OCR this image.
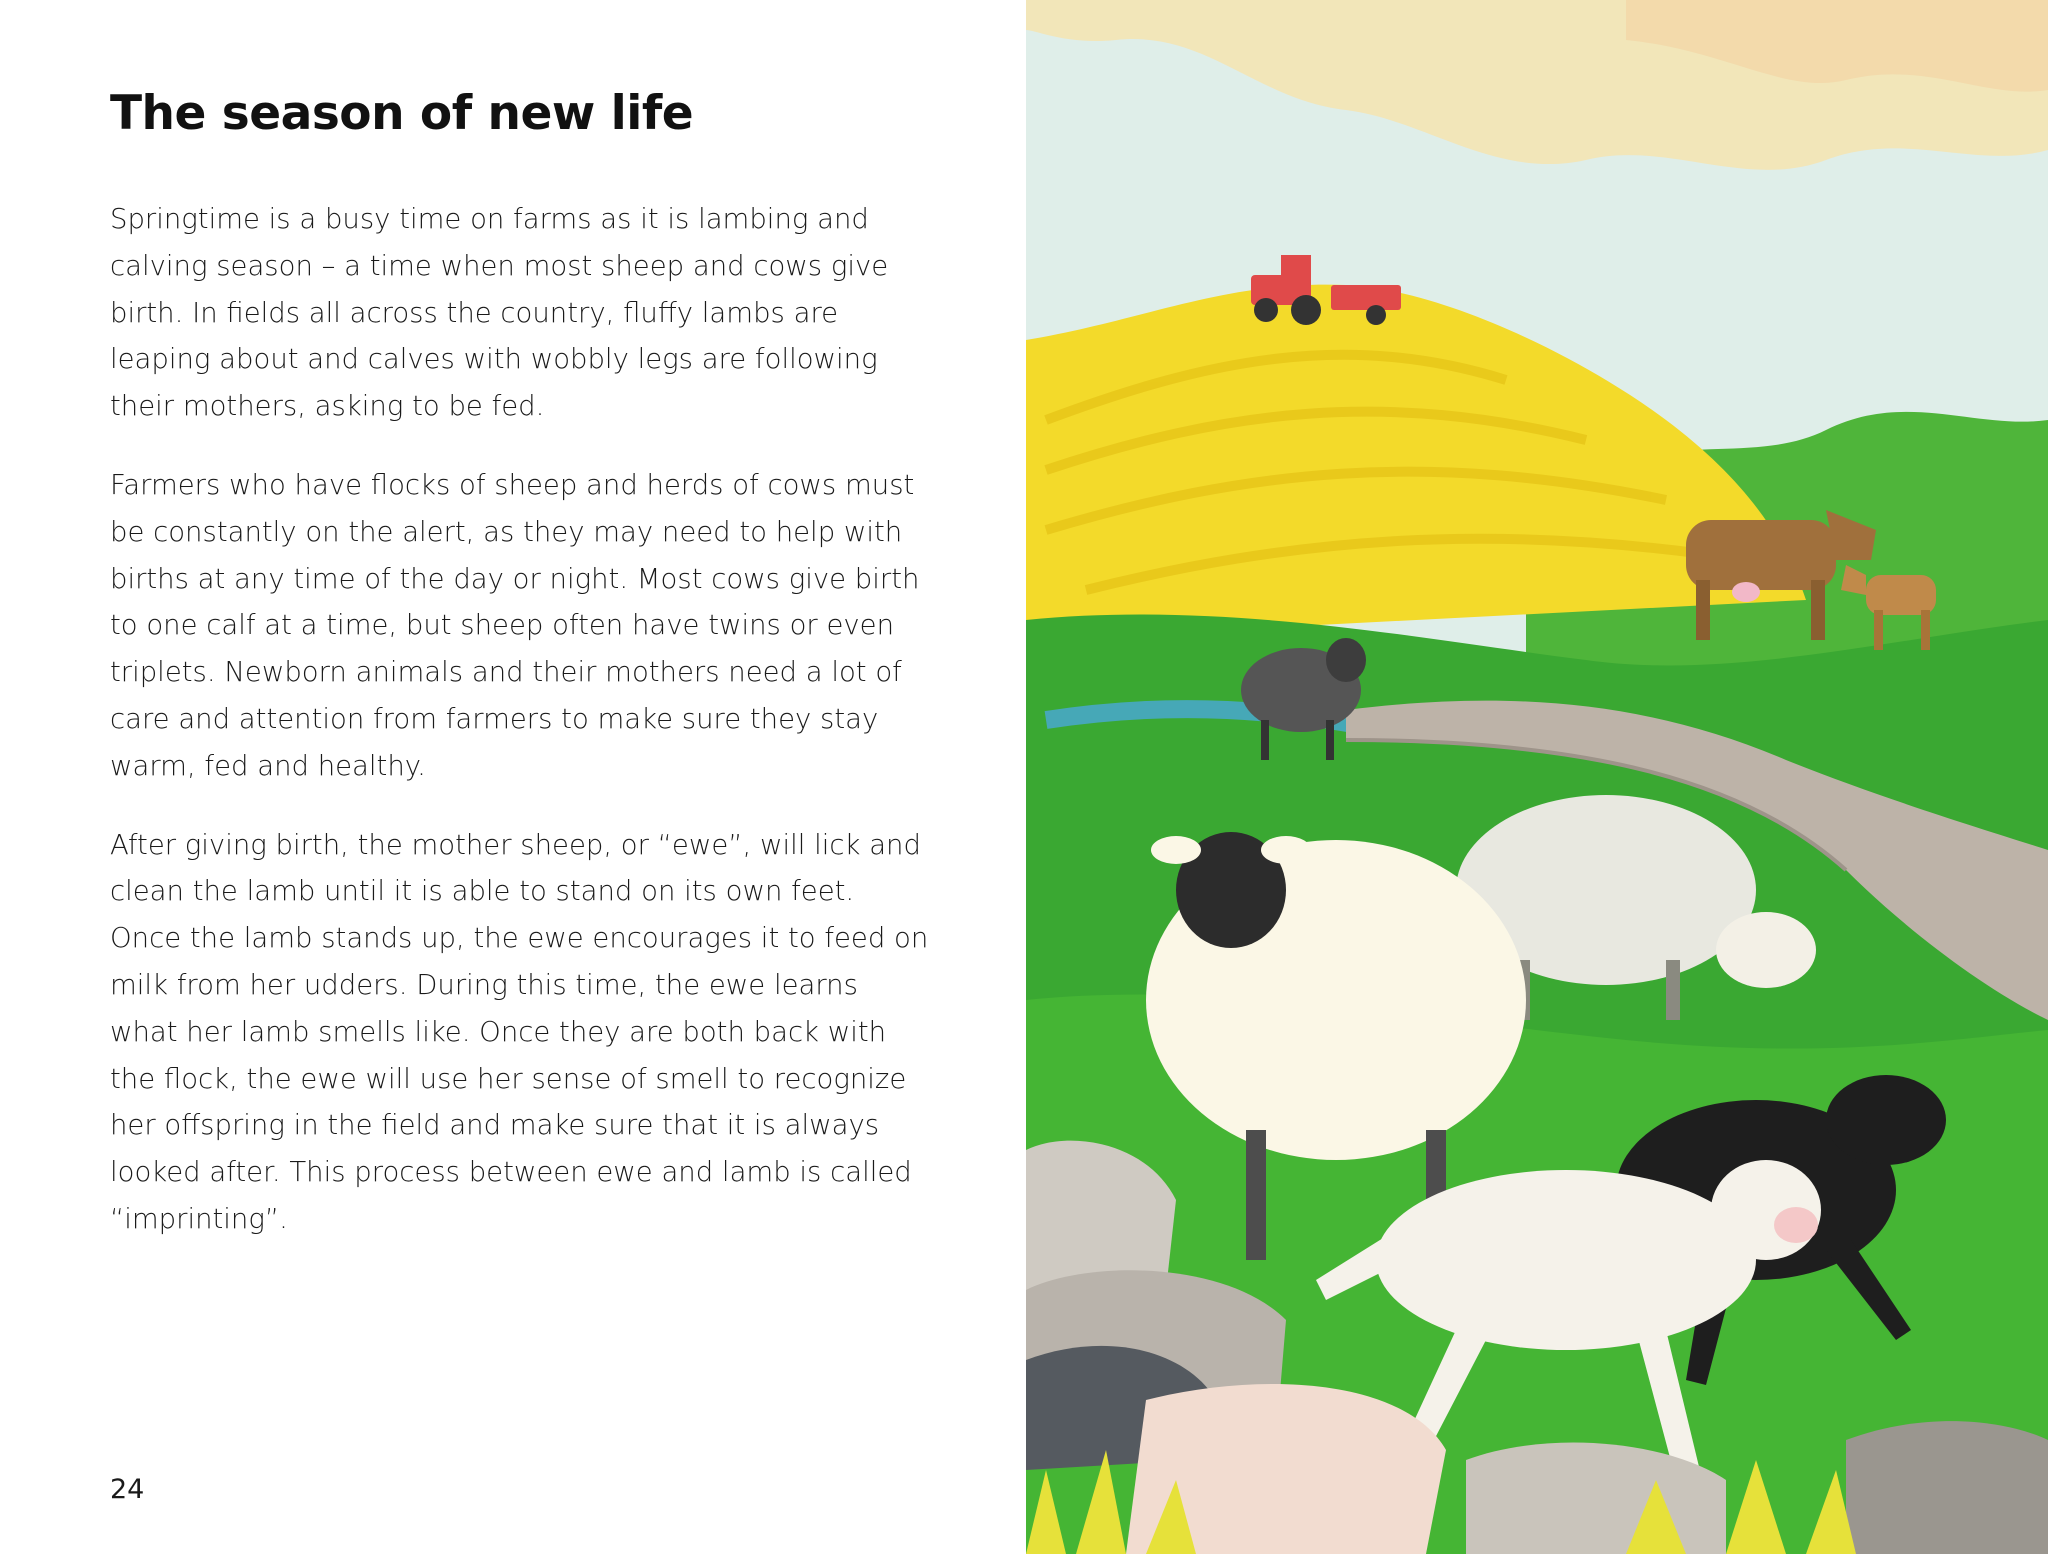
The season of new life

Springtime is a busy time on farms as it is lambing and calving season – a time when most sheep and cows give birth. In fields all across the country, fluffy lambs are leaping about and calves with wobbly legs are following their mothers, asking to be fed.

Farmers who have flocks of sheep and herds of cows must be constantly on the alert, as they may need to help with births at any time of the day or night. Most cows give birth to one calf at a time, but sheep often have twins or even triplets. Newborn animals and their mothers need a lot of care and attention from farmers to make sure they stay warm, fed and healthy.

After giving birth, the mother sheep, or “ewe”, will lick and clean the lamb until it is able to stand on its own feet. Once the lamb stands up, the ewe encourages it to feed on milk from her udders. During this time, the ewe learns what her lamb smells like. Once they are both back with the flock, the ewe will use her sense of smell to recognize her offspring in the field and make sure that it is always looked after. This process between ewe and lamb is called “imprinting”.

24
